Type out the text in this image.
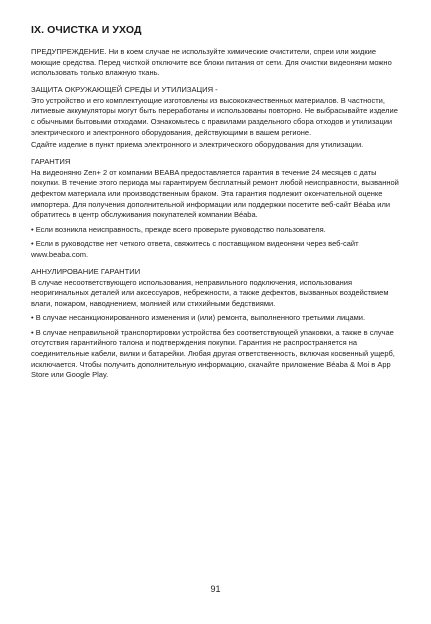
IX. ОЧИСТКА И УХОД

ПРЕДУПРЕЖДЕНИЕ. Ни в коем случае не используйте химические очистители, спреи или жидкие моющие средства. Перед чисткой отключите все блоки питания от сети. Для очистки видеоняни можно использовать только влажную ткань.

ЗАЩИТА ОКРУЖАЮЩЕЙ СРЕДЫ И УТИЛИЗАЦИЯ -

Это устройство и его комплектующие изготовлены из высококачественных материалов. В частности, литиевые аккумуляторы могут быть переработаны и использованы повторно. Не выбрасывайте изделие с обычными бытовыми отходами. Ознакомьтесь с правилами раздельного сбора отходов и утилизации электрического и электронного оборудования, действующими в вашем регионе.

Сдайте изделие в пункт приема электронного и электрического оборудования для утилизации.

ГАРАНТИЯ

На видеоняню Zen+ 2 от компании BEABA предоставляется гарантия в течение 24 месяцев с даты покупки. В течение этого периода мы гарантируем бесплатный ремонт любой неисправности, вызванной дефектом материала или производственным браком. Эта гарантия подлежит окончательной оценке импортера. Для получения дополнительной информации или поддержки посетите веб-сайт Béaba или обратитесь в центр обслуживания покупателей компании Béaba.

• Если возникла неисправность, прежде всего проверьте руководство пользователя.

• Если в руководстве нет четкого ответа, свяжитесь с поставщиком видеоняни через веб-сайт www.beaba.com.

АННУЛИРОВАНИЕ ГАРАНТИИ

В случае несоответствующего использования, неправильного подключения, использования неоригинальных деталей или аксессуаров, небрежности, а также дефектов, вызванных воздействием влаги, пожаром, наводнением, молнией или стихийными бедствиями.

• В случае несанкционированного изменения и (или) ремонта, выполненного третьими лицами.

• В случае неправильной транспортировки устройства без соответствующей упаковки, а также в случае отсутствия гарантийного талона и подтверждения покупки. Гарантия не распространяется на соединительные кабели, вилки и батарейки. Любая другая ответственность, включая косвенный ущерб, исключается. Чтобы получить дополнительную информацию, скачайте приложение Béaba & Moi в App Store или Google Play.

91
